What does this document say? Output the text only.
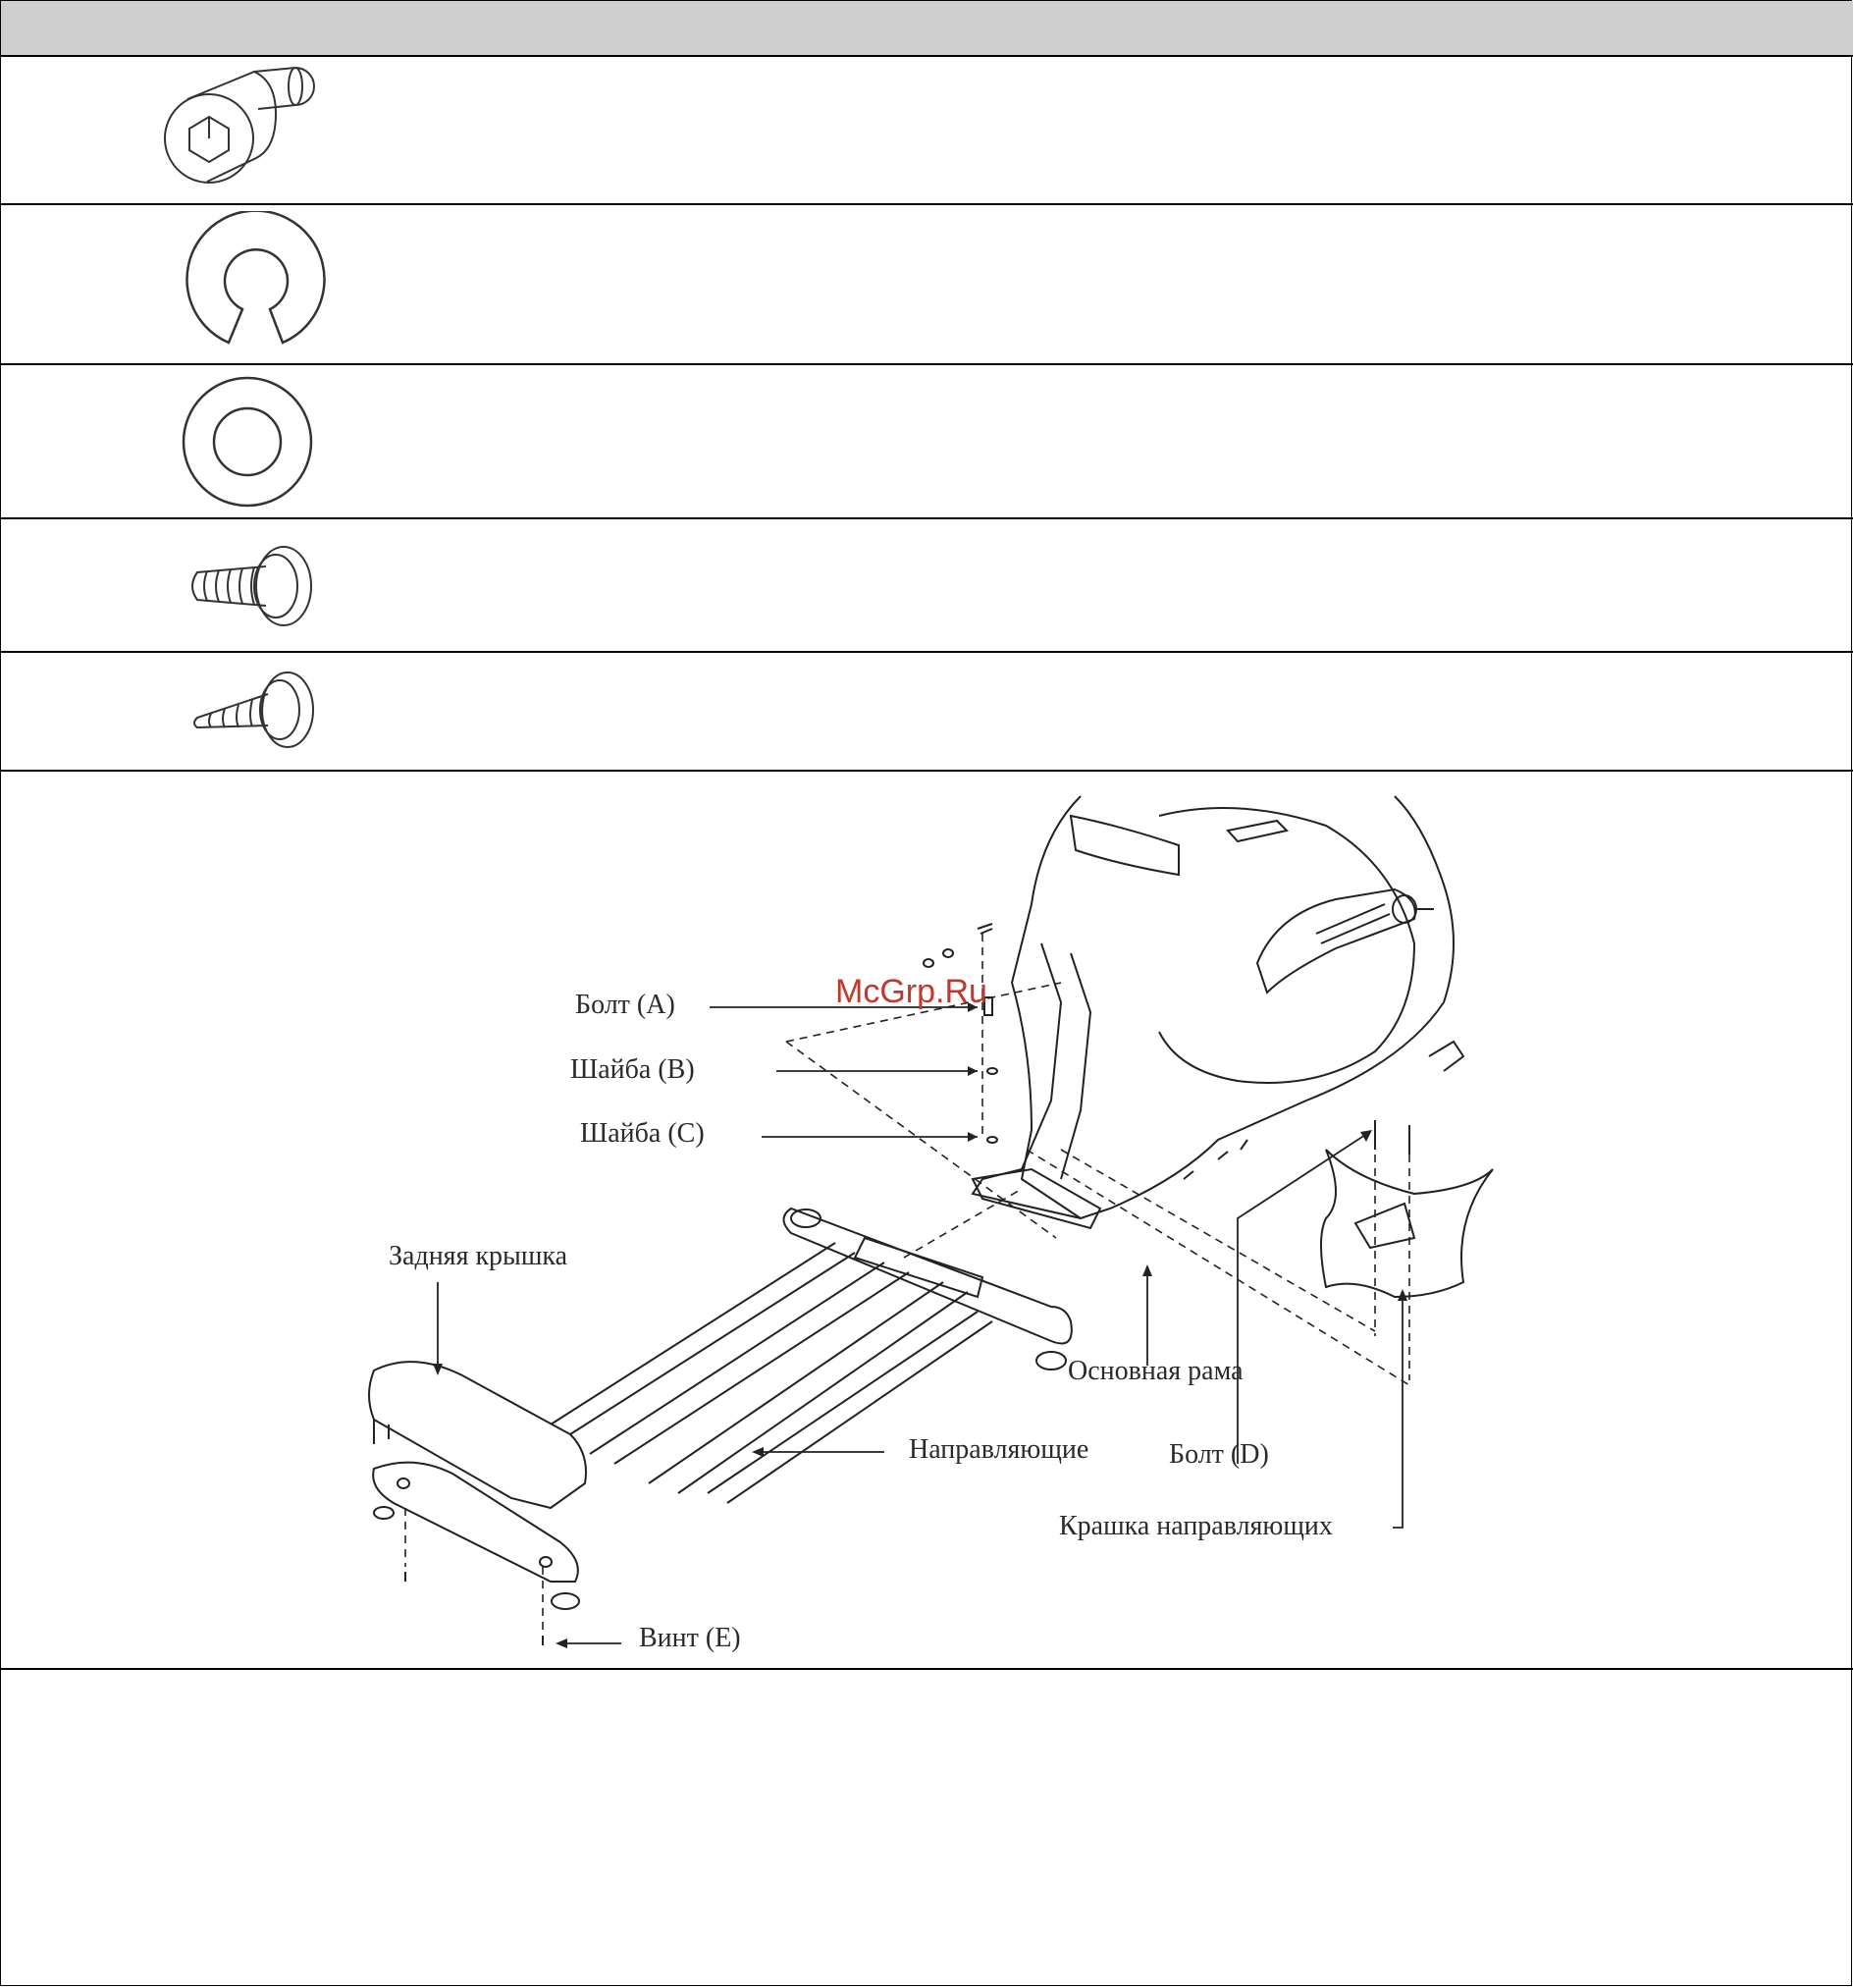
Болт (A)
Шайба (B)
Шайба (C)
Задняя крышка
Основная рама
Направляющие	Болт (D)
Крашка направляющих
Винт (E)
McGrp.Ru
